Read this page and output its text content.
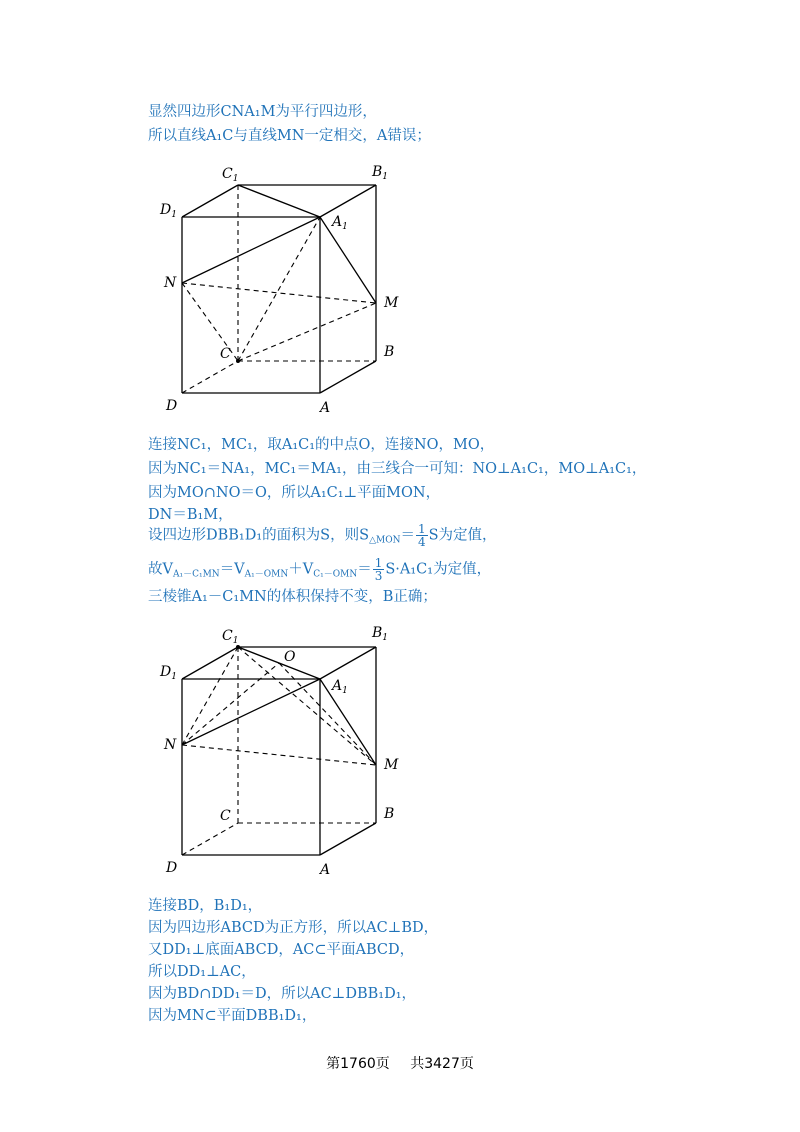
显然四边形CNA₁M为平行四边形，
所以直线A₁C与直线MN一定相交，A错误；
$C_1$	$B_1$
$D_1$	$A_1$
N
M
C	B
D	A
连接NC₁，MC₁，取A₁C₁的中点O，连接NO，MO，
因为NC₁＝NA₁，MC₁＝MA₁，由三线合一可知：NO⊥A₁C₁，MO⊥A₁C₁，
因为MO∩NO＝O，所以A₁C₁⊥平面MON，
DN＝B₁M，
设四边形DBB₁D₁的面积为S，则$S_{\triangle MON}= \frac{1}{4}$ S为定值，
故$V_{A_1-C_1MN}=V_{A_1-OMN}+V_{C_1-OMN}= \frac{1}{3} S\cdot A_1C_1$为定值，
三棱锥A₁－C₁MN的体积保持不变，B正确；
$C_1$	$B_1$
$D_1$
$A_1$
O
N
M
C	B
D	A
连接BD，B₁D₁，
因为四边形ABCD为正方形，所以AC⊥BD，
又DD₁⊥底面ABCD，AC⊂平面ABCD，
所以DD₁⊥AC，
因为BD∩DD₁＝D，所以AC⊥DBB₁D₁，
因为MN⊂平面DBB₁D₁，
第1760页 共3427页
